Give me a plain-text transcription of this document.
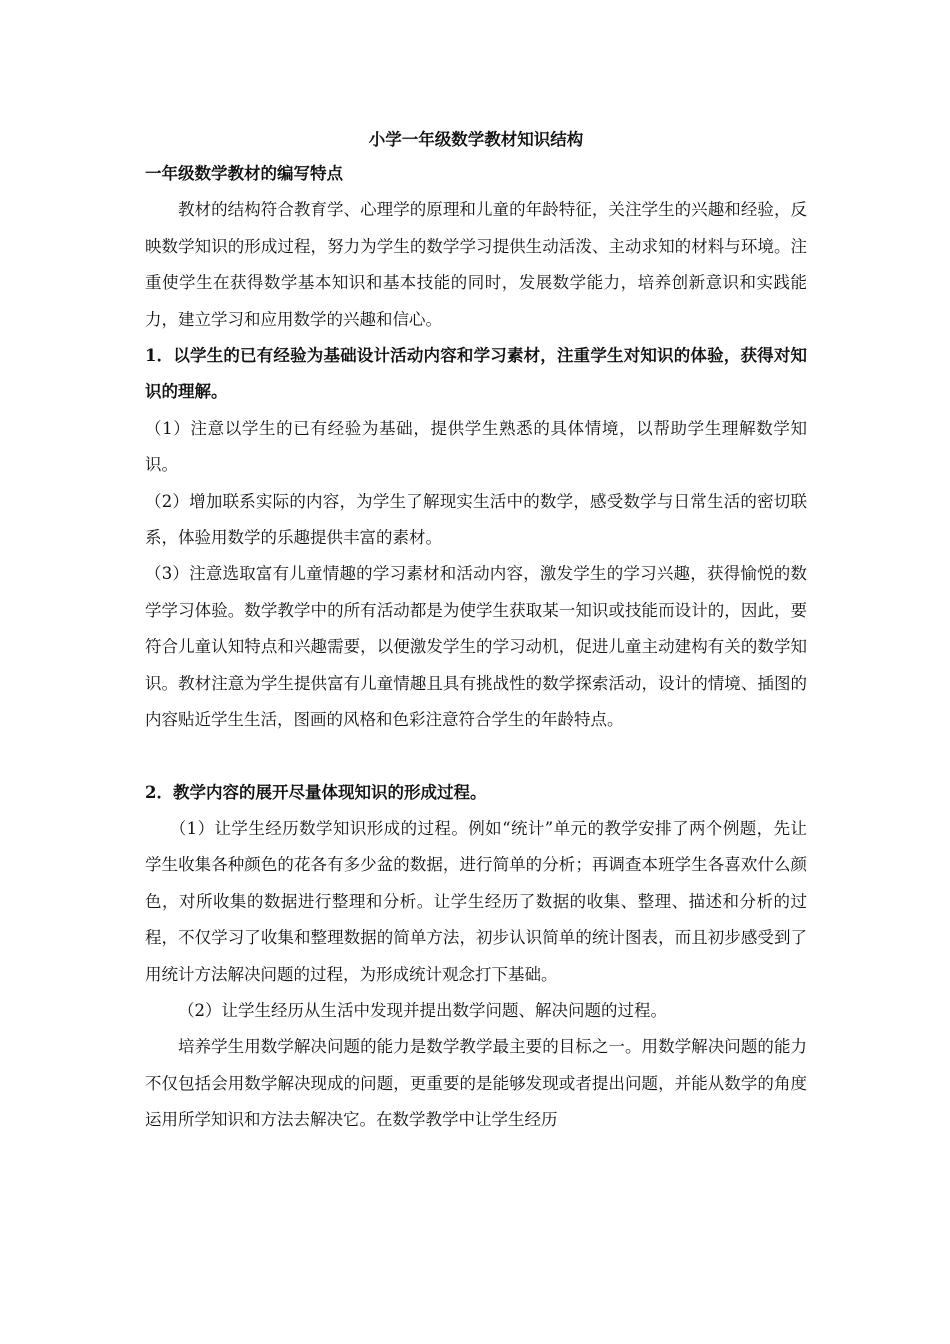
小学一年级数学教材知识结构
一年级数学教材的编写特点
教材的结构符合教育学、心理学的原理和儿童的年龄特征，关注学生的兴趣和经验，反映数学知识的形成过程，努力为学生的数学学习提供生动活泼、主动求知的材料与环境。注重使学生在获得数学基本知识和基本技能的同时，发展数学能力，培养创新意识和实践能力，建立学习和应用数学的兴趣和信心。
1．以学生的已有经验为基础设计活动内容和学习素材，注重学生对知识的体验，获得对知识的理解。
（1）注意以学生的已有经验为基础，提供学生熟悉的具体情境，以帮助学生理解数学知识。
（2）增加联系实际的内容，为学生了解现实生活中的数学，感受数学与日常生活的密切联系，体验用数学的乐趣提供丰富的素材。
（3）注意选取富有儿童情趣的学习素材和活动内容，激发学生的学习兴趣，获得愉悦的数学学习体验。数学教学中的所有活动都是为使学生获取某一知识或技能而设计的，因此，要符合儿童认知特点和兴趣需要，以便激发学生的学习动机，促进儿童主动建构有关的数学知识。教材注意为学生提供富有儿童情趣且具有挑战性的数学探索活动，设计的情境、插图的内容贴近学生生活，图画的风格和色彩注意符合学生的年龄特点。
2．教学内容的展开尽量体现知识的形成过程。
（1）让学生经历数学知识形成的过程。例如“统计”单元的教学安排了两个例题，先让学生收集各种颜色的花各有多少盆的数据，进行简单的分析；再调查本班学生各喜欢什么颜色，对所收集的数据进行整理和分析。让学生经历了数据的收集、整理、描述和分析的过程，不仅学习了收集和整理数据的简单方法，初步认识简单的统计图表，而且初步感受到了用统计方法解决问题的过程，为形成统计观念打下基础。
（2）让学生经历从生活中发现并提出数学问题、解决问题的过程。
培养学生用数学解决问题的能力是数学教学最主要的目标之一。用数学解决问题的能力不仅包括会用数学解决现成的问题，更重要的是能够发现或者提出问题，并能从数学的角度运用所学知识和方法去解决它。在数学教学中让学生经历
